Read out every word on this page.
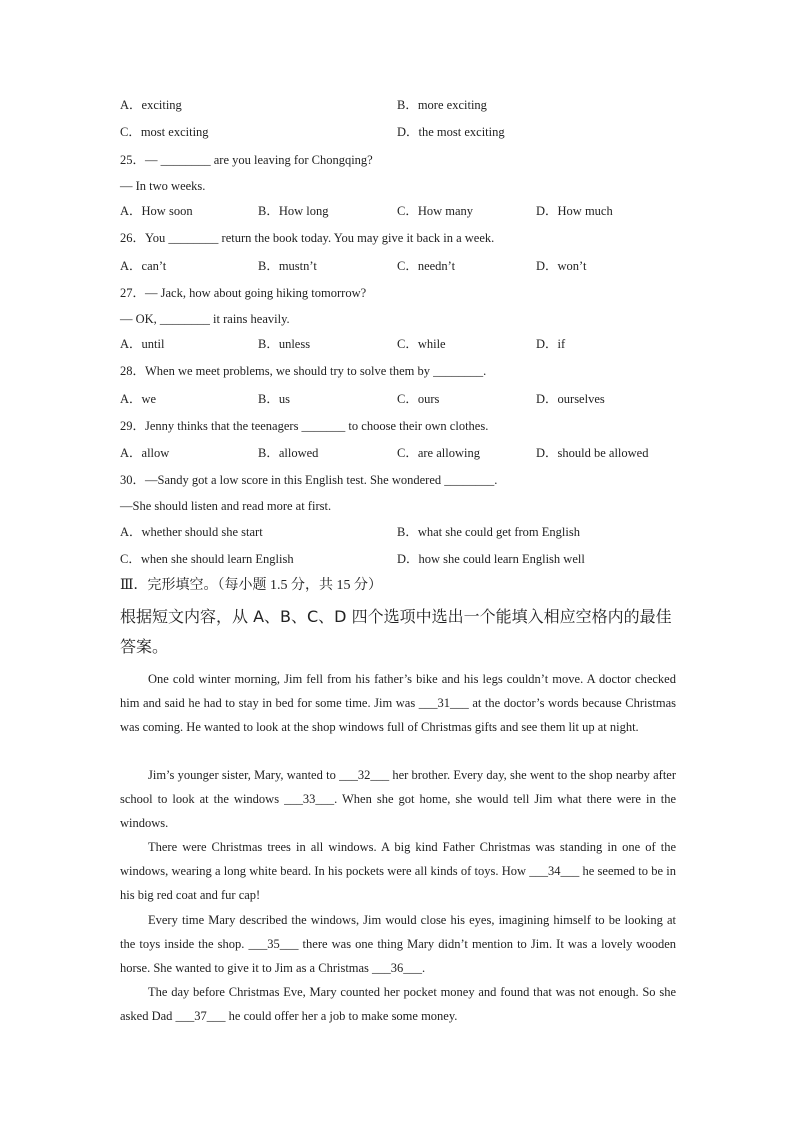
A．exciting	B．more exciting
C．most exciting	D．the most exciting
25．— ________ are you leaving for Chongqing?
— In two weeks.
A．How soon	B．How long	C．How many	D．How much
26．You ________ return the book today. You may give it back in a week.
A．can’t	B．mustn’t	C．needn’t	D．won’t
27．— Jack, how about going hiking tomorrow?
— OK, ________ it rains heavily.
A．until	B．unless	C．while	D．if
28．When we meet problems, we should try to solve them by ________.
A．we	B．us	C．ours	D．ourselves
29．Jenny thinks that the teenagers _______ to choose their own clothes.
A．allow	B．allowed	C．are allowing	D．should be allowed
30．—Sandy got a low score in this English test. She wondered ________.
—She should listen and read more at first.
A．whether should she start	B．what she could get from English
C．when she should learn English	D．how she could learn English well
Ⅲ．完形填空。（每小题 1.5 分，共 15 分）
根据短文内容，从 A、B、C、D 四个选项中选出一个能填入相应空格内的最佳
答案。

One cold winter morning, Jim fell from his father’s bike and his legs couldn’t move. A doctor checked him and said he had to stay in bed for some time. Jim was ___31___ at the doctor’s words because Christmas was coming. He wanted to look at the shop windows full of Christmas gifts and see them lit up at night.

Jim’s younger sister, Mary, wanted to ___32___ her brother. Every day, she went to the shop nearby after school to look at the windows ___33___. When she got home, she would tell Jim what there were in the windows.

There were Christmas trees in all windows. A big kind Father Christmas was standing in one of the windows, wearing a long white beard. In his pockets were all kinds of toys. How ___34___ he seemed to be in his big red coat and fur cap!

Every time Mary described the windows, Jim would close his eyes, imagining himself to be looking at the toys inside the shop. ___35___ there was one thing Mary didn’t mention to Jim. It was a lovely wooden horse. She wanted to give it to Jim as a Christmas ___36___.

The day before Christmas Eve, Mary counted her pocket money and found that was not enough. So she asked Dad ___37___ he could offer her a job to make some money.
